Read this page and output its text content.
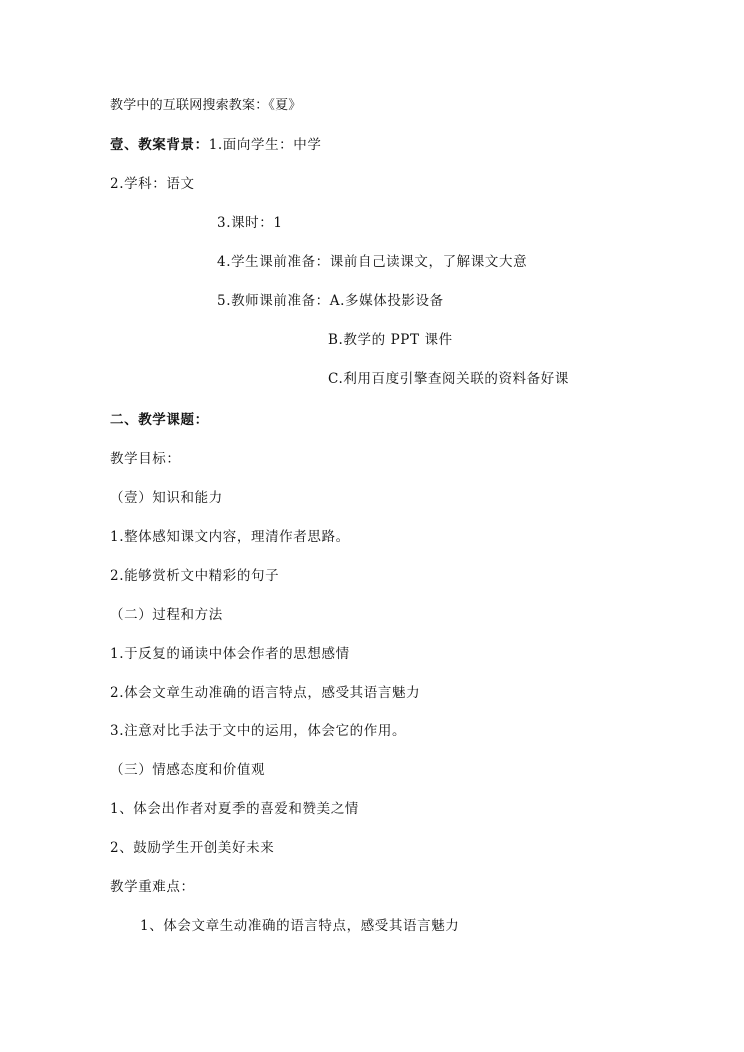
教学中的互联网搜索教案：《夏》
壹、教案背景：1.面向学生：中学
2.学科：语文
3.课时：1
4.学生课前准备：课前自己读课文，了解课文大意
5.教师课前准备：A.多媒体投影设备
B.教学的 PPT 课件
C.利用百度引擎查阅关联的资料备好课
二、教学课题：
教学目标：
（壹）知识和能力
1.整体感知课文内容，理清作者思路。
2.能够赏析文中精彩的句子
（二）过程和方法
1.于反复的诵读中体会作者的思想感情
2.体会文章生动准确的语言特点，感受其语言魅力
3.注意对比手法于文中的运用，体会它的作用。
（三）情感态度和价值观
1、体会出作者对夏季的喜爱和赞美之情
2、鼓励学生开创美好未来
教学重难点：
1、体会文章生动准确的语言特点，感受其语言魅力
